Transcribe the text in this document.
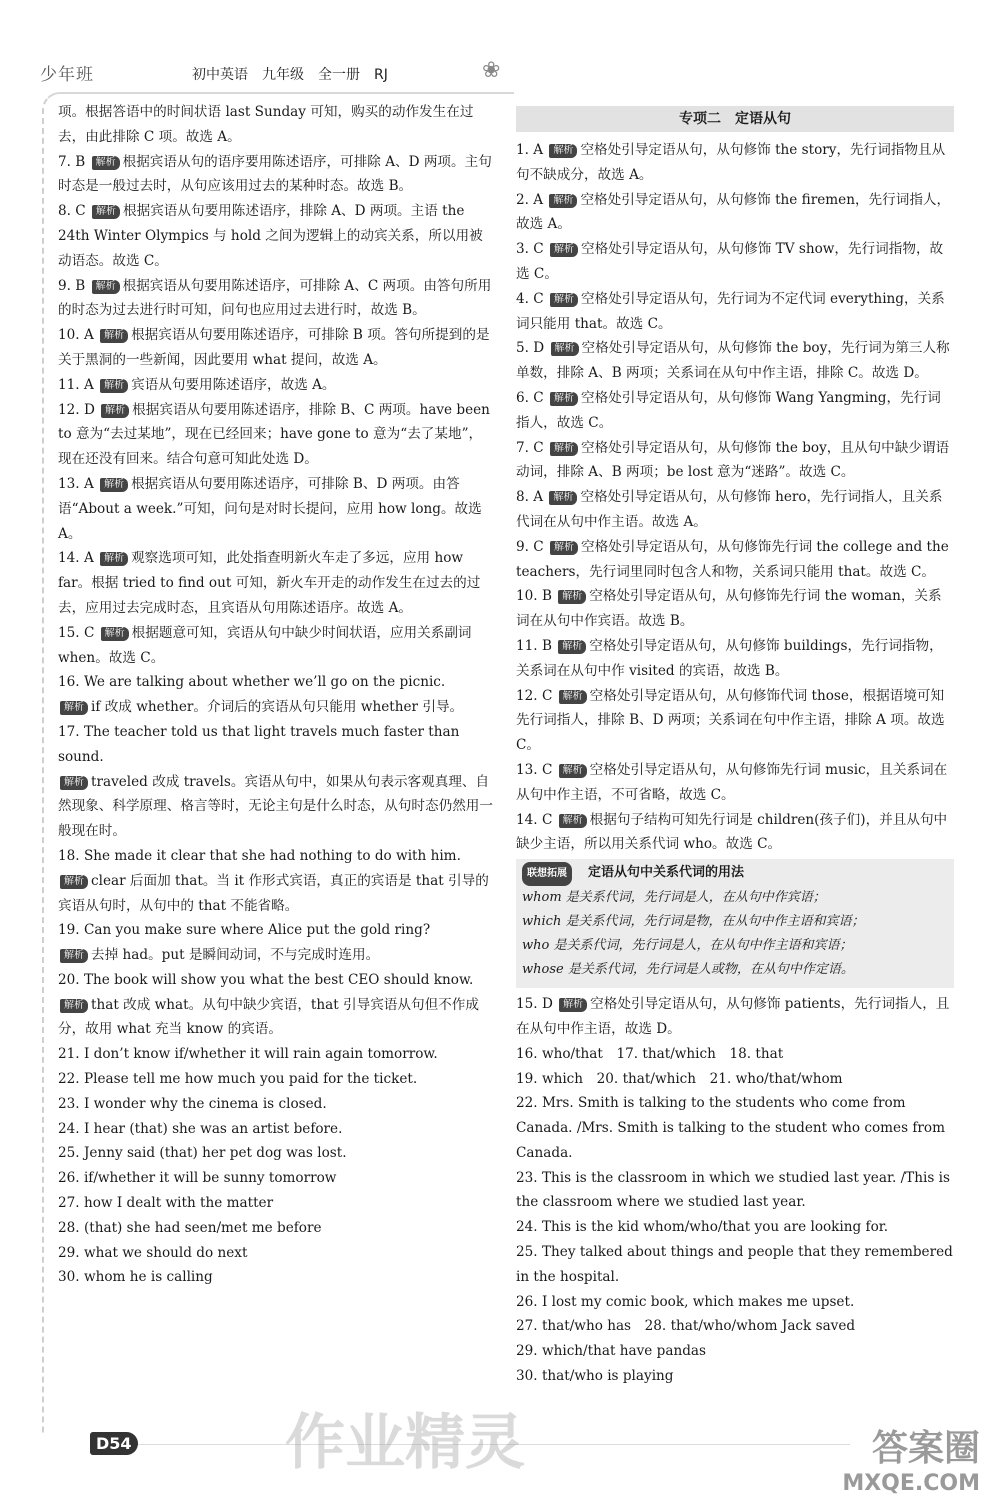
少年班	初中英语　九年级　全一册　RJ	❀

项。根据答语中的时间状语 last Sunday 可知，购买的动作发生在过去，由此排除 C 项。故选 A。

7. B 解析 根据宾语从句的语序要用陈述语序，可排除 A、D 两项。主句时态是一般过去时，从句应该用过去的某种时态。故选 B。

8. C 解析 根据宾语从句要用陈述语序，排除 A、D 两项。主语 the 24th Winter Olympics 与 hold 之间为逻辑上的动宾关系，所以用被动语态。故选 C。

9. B 解析 根据宾语从句要用陈述语序，可排除 A、C 两项。由答句所用的时态为过去进行时可知，问句也应用过去进行时，故选 B。

10. A 解析 根据宾语从句要用陈述语序，可排除 B 项。答句所提到的是关于黑洞的一些新闻，因此要用 what 提问，故选 A。

11. A 解析 宾语从句要用陈述语序，故选 A。

12. D 解析 根据宾语从句要用陈述语序，排除 B、C 两项。have been to 意为“去过某地”，现在已经回来；have gone to 意为“去了某地”，现在还没有回来。结合句意可知此处选 D。

13. A 解析 根据宾语从句要用陈述语序，可排除 B、D 两项。由答语“About a week.”可知，问句是对时长提问，应用 how long。故选 A。

14. A 解析 观察选项可知，此处指查明新火车走了多远，应用 how far。根据 tried to find out 可知，新火车开走的动作发生在过去的过去，应用过去完成时态，且宾语从句用陈述语序。故选 A。

15. C 解析 根据题意可知，宾语从句中缺少时间状语，应用关系副词 when。故选 C。

16. We are talking about whether we’ll go on the picnic.

解析 if 改成 whether。介词后的宾语从句只能用 whether 引导。

17. The teacher told us that light travels much faster than sound.

解析 traveled 改成 travels。宾语从句中，如果从句表示客观真理、自然现象、科学原理、格言等时，无论主句是什么时态，从句时态仍然用一般现在时。

18. She made it clear that she had nothing to do with him.

解析 clear 后面加 that。当 it 作形式宾语，真正的宾语是 that 引导的宾语从句时，从句中的 that 不能省略。

19. Can you make sure where Alice put the gold ring?

解析 去掉 had。put 是瞬间动词，不与完成时连用。

20. The book will show you what the best CEO should know.

解析 that 改成 what。从句中缺少宾语，that 引导宾语从句但不作成分，故用 what 充当 know 的宾语。

21. I don’t know if/whether it will rain again tomorrow.

22. Please tell me how much you paid for the ticket.

23. I wonder why the cinema is closed.

24. I hear (that) she was an artist before.

25. Jenny said (that) her pet dog was lost.

26. if/whether it will be sunny tomorrow

27. how I dealt with the matter

28. (that) she had seen/met me before

29. what we should do next

30. whom he is calling

专项二　定语从句

1. A 解析 空格处引导定语从句，从句修饰 the story，先行词指物且从句不缺成分，故选 A。

2. A 解析 空格处引导定语从句，从句修饰 the firemen，先行词指人，故选 A。

3. C 解析 空格处引导定语从句，从句修饰 TV show，先行词指物，故选 C。

4. C 解析 空格处引导定语从句，先行词为不定代词 everything，关系词只能用 that。故选 C。

5. D 解析 空格处引导定语从句，从句修饰 the boy，先行词为第三人称单数，排除 A、B 两项；关系词在从句中作主语，排除 C。故选 D。

6. C 解析 空格处引导定语从句，从句修饰 Wang Yangming，先行词指人，故选 C。

7. C 解析 空格处引导定语从句，从句修饰 the boy，且从句中缺少谓语动词，排除 A、B 两项；be lost 意为“迷路”。故选 C。

8. A 解析 空格处引导定语从句，从句修饰 hero，先行词指人，且关系代词在从句中作主语。故选 A。

9. C 解析 空格处引导定语从句，从句修饰先行词 the college and the teachers，先行词里同时包含人和物，关系词只能用 that。故选 C。

10. B 解析 空格处引导定语从句，从句修饰先行词 the woman，关系词在从句中作宾语。故选 B。

11. B 解析 空格处引导定语从句，从句修饰 buildings，先行词指物，关系词在从句中作 visited 的宾语，故选 B。

12. C 解析 空格处引导定语从句，从句修饰代词 those，根据语境可知先行词指人，排除 B、D 两项；关系词在句中作主语，排除 A 项。故选 C。

13. C 解析 空格处引导定语从句，从句修饰先行词 music，且关系词在从句中作主语，不可省略，故选 C。

14. C 解析 根据句子结构可知先行词是 children(孩子们)，并且从句中缺少主语，所以用关系代词 who。故选 C。

联想拓展 定语从句中关系代词的用法
whom 是关系代词，先行词是人，在从句中作宾语；
which 是关系代词，先行词是物，在从句中作主语和宾语；
who 是关系代词，先行词是人，在从句中作主语和宾语；
whose 是关系代词，先行词是人或物，在从句中作定语。

15. D 解析 空格处引导定语从句，从句修饰 patients，先行词指人，且在从句中作主语，故选 D。

16. who/that　17. that/which　18. that

19. which　20. that/which　21. who/that/whom

22. Mrs. Smith is talking to the students who come from Canada. /Mrs. Smith is talking to the student who comes from Canada.

23. This is the classroom in which we studied last year. /This is the classroom where we studied last year.

24. This is the kid whom/who/that you are looking for.

25. They talked about things and people that they remembered in the hospital.

26. I lost my comic book, which makes me upset.

27. that/who has　28. that/who/whom Jack saved

29. which/that have pandas

30. that/who is playing

D54	作业精灵	答案圈
MXQE.COM
